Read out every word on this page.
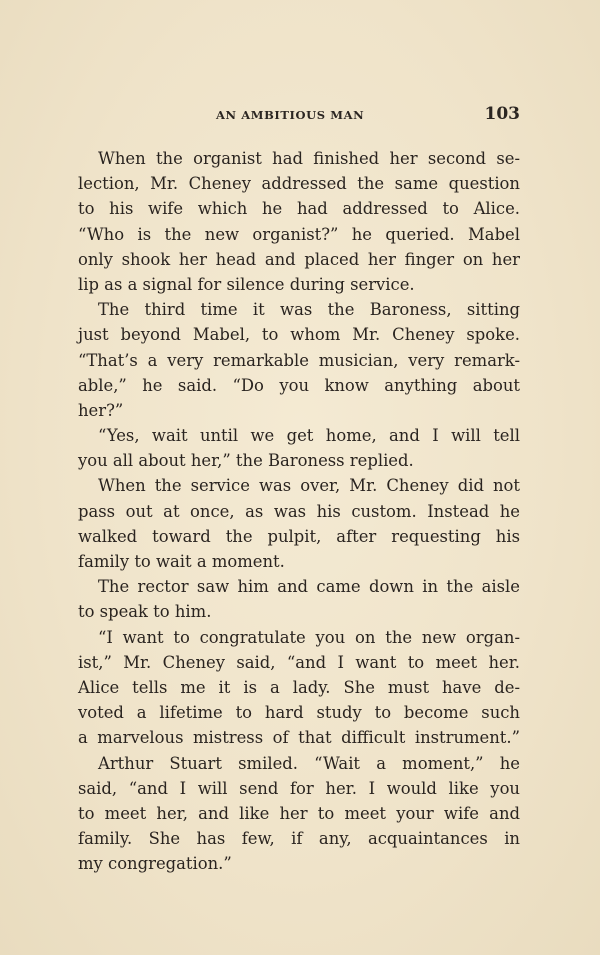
AN AMBITIOUS MAN	103
When the organist had finished her second se-
lection, Mr. Cheney addressed the same question
to his wife which he had addressed to Alice.
“Who is the new organist?” he queried. Mabel
only shook her head and placed her finger on her
lip as a signal for silence during service.
The third time it was the Baroness, sitting
just beyond Mabel, to whom Mr. Cheney spoke.
“That’s a very remarkable musician, very remark-
able,” he said. “Do you know anything about
her?”
“Yes, wait until we get home, and I will tell
you all about her,” the Baroness replied.
When the service was over, Mr. Cheney did not
pass out at once, as was his custom. Instead he
walked toward the pulpit, after requesting his
family to wait a moment.
The rector saw him and came down in the aisle
to speak to him.
“I want to congratulate you on the new organ-
ist,” Mr. Cheney said, “and I want to meet her.
Alice tells me it is a lady. She must have de-
voted a lifetime to hard study to become such
a marvelous mistress of that difficult instrument.”
Arthur Stuart smiled. “Wait a moment,” he
said, “and I will send for her. I would like you
to meet her, and like her to meet your wife and
family. She has few, if any, acquaintances in
my congregation.”
